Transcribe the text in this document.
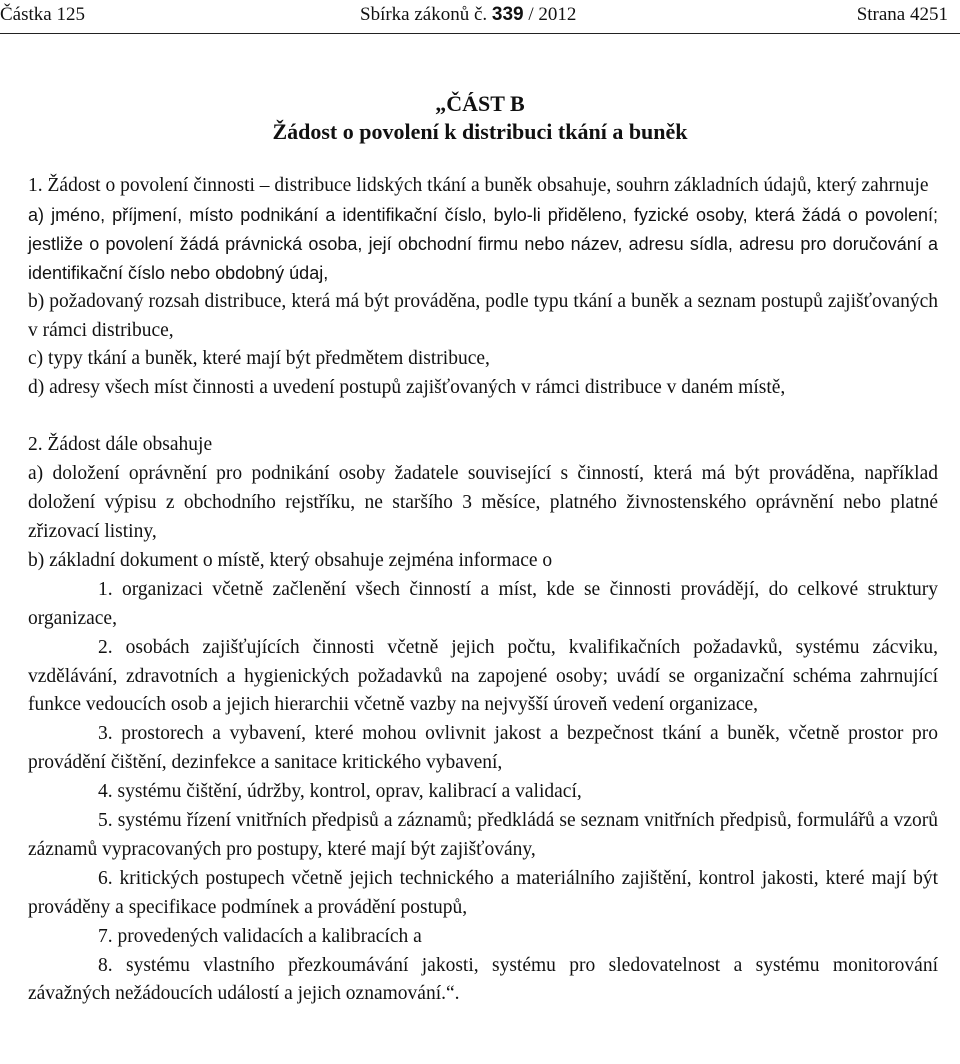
Částka 125	Sbírka zákonů č. 339 / 2012	Strana 4251
„ČÁST B
Žádost o povolení k distribuci tkání a buněk

1. Žádost o povolení činnosti – distribuce lidských tkání a buněk obsahuje, souhrn základních údajů, který zahrnuje

a) jméno, příjmení, místo podnikání a identifikační číslo, bylo-li přiděleno, fyzické osoby, která žádá o povolení; jestliže o povolení žádá právnická osoba, její obchodní firmu nebo název, adresu sídla, adresu pro doručování a identifikační číslo nebo obdobný údaj,

b) požadovaný rozsah distribuce, která má být prováděna, podle typu tkání a buněk a seznam postupů zajišťovaných v rámci distribuce,

c) typy tkání a buněk, které mají být předmětem distribuce,

d) adresy všech míst činnosti a uvedení postupů zajišťovaných v rámci distribuce v daném místě,

2. Žádost dále obsahuje

a) doložení oprávnění pro podnikání osoby žadatele související s činností, která má být prováděna, například doložení výpisu z obchodního rejstříku, ne staršího 3 měsíce, platného živnostenského oprávnění nebo platné zřizovací listiny,

b) základní dokument o místě, který obsahuje zejména informace o

1. organizaci včetně začlenění všech činností a míst, kde se činnosti provádějí, do celkové struktury organizace,

2. osobách zajišťujících činnosti včetně jejich počtu, kvalifikačních požadavků, systému zácviku, vzdělávání, zdravotních a hygienických požadavků na zapojené osoby; uvádí se organizační schéma zahrnující funkce vedoucích osob a jejich hierarchii včetně vazby na nejvyšší úroveň vedení organizace,

3. prostorech a vybavení, které mohou ovlivnit jakost a bezpečnost tkání a buněk, včetně prostor pro provádění čištění, dezinfekce a sanitace kritického vybavení,

4. systému čištění, údržby, kontrol, oprav, kalibrací a validací,

5. systému řízení vnitřních předpisů a záznamů; předkládá se seznam vnitřních předpisů, formulářů a vzorů záznamů vypracovaných pro postupy, které mají být zajišťovány,

6. kritických postupech včetně jejich technického a materiálního zajištění, kontrol jakosti, které mají být prováděny a specifikace podmínek a provádění postupů,

7. provedených validacích a kalibracích a

8. systému vlastního přezkoumávání jakosti, systému pro sledovatelnost a systému monitorování závažných nežádoucích událostí a jejich oznamování.“.
